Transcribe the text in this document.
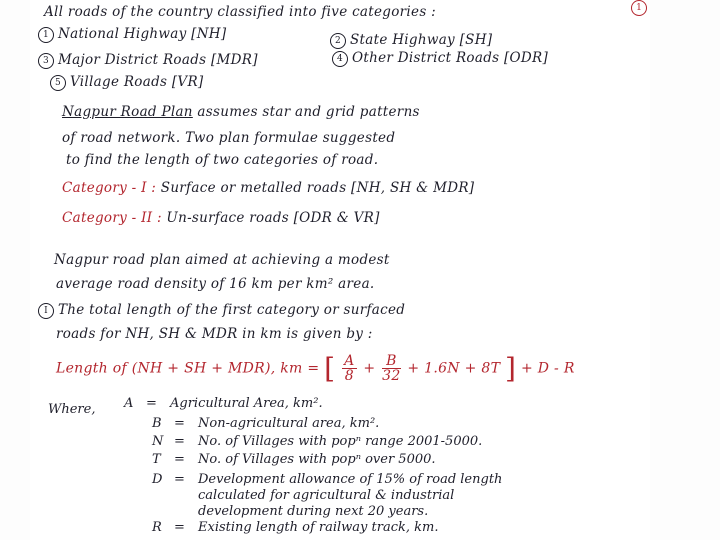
1
All roads of the country classified into five categories :
1 National Highway [NH]	2 State Highway [SH]
3 Major District Roads [MDR]	4 Other District Roads [ODR]
5 Village Roads [VR]
Nagpur Road Plan assumes star and grid patterns
of road network. Two plan formulae suggested
to find the length of two categories of road.
Category - I : Surface or metalled roads [NH, SH & MDR]
Category - II : Un-surface roads [ODR & VR]
Nagpur road plan aimed at achieving a modest
average road density of 16 km per km² area.
I The total length of the first category or surfaced
roads for NH, SH & MDR in km is given by :
Length of (NH + SH + MDR), km = [ $\frac{A}{8} + \frac{B}{32} + 1.6N + 8T$ ] + D - R
Where, A = Agricultural Area, km².
B = Non-agricultural area, km².
N = No. of Villages with popⁿ range 2001-5000.
T = No. of Villages with popⁿ over 5000.
D = Development allowance of 15% of road length
calculated for agricultural & industrial
development during next 20 years.
R = Existing length of railway track, km.
